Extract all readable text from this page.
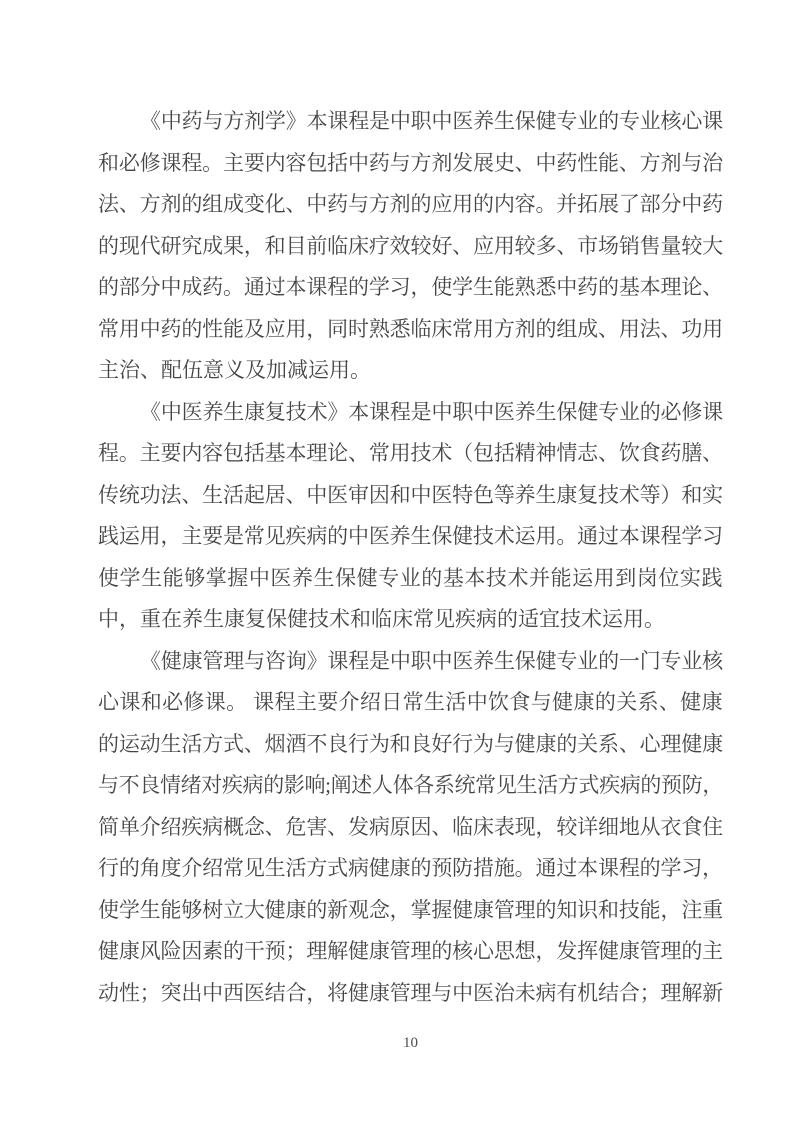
《中药与方剂学》本课程是中职中医养生保健专业的专业核心课
和必修课程。主要内容包括中药与方剂发展史、中药性能、方剂与治
法、方剂的组成变化、中药与方剂的应用的内容。并拓展了部分中药
的现代研究成果，和目前临床疗效较好、应用较多、市场销售量较大
的部分中成药。通过本课程的学习，使学生能熟悉中药的基本理论、
常用中药的性能及应用，同时熟悉临床常用方剂的组成、用法、功用
主治、配伍意义及加减运用。
《中医养生康复技术》本课程是中职中医养生保健专业的必修课
程。主要内容包括基本理论、常用技术（包括精神情志、饮食药膳、
传统功法、生活起居、中医审因和中医特色等养生康复技术等）和实
践运用，主要是常见疾病的中医养生保健技术运用。通过本课程学习
使学生能够掌握中医养生保健专业的基本技术并能运用到岗位实践
中，重在养生康复保健技术和临床常见疾病的适宜技术运用。
《健康管理与咨询》课程是中职中医养生保健专业的一门专业核
心课和必修课。 课程主要介绍日常生活中饮食与健康的关系、健康
的运动生活方式、烟酒不良行为和良好行为与健康的关系、心理健康
与不良情绪对疾病的影响;阐述人体各系统常见生活方式疾病的预防，
简单介绍疾病概念、危害、发病原因、临床表现，较详细地从衣食住
行的角度介绍常见生活方式病健康的预防措施。通过本课程的学习，
使学生能够树立大健康的新观念，掌握健康管理的知识和技能，注重
健康风险因素的干预；理解健康管理的核心思想，发挥健康管理的主
动性；突出中西医结合，将健康管理与中医治未病有机结合；理解新
10
